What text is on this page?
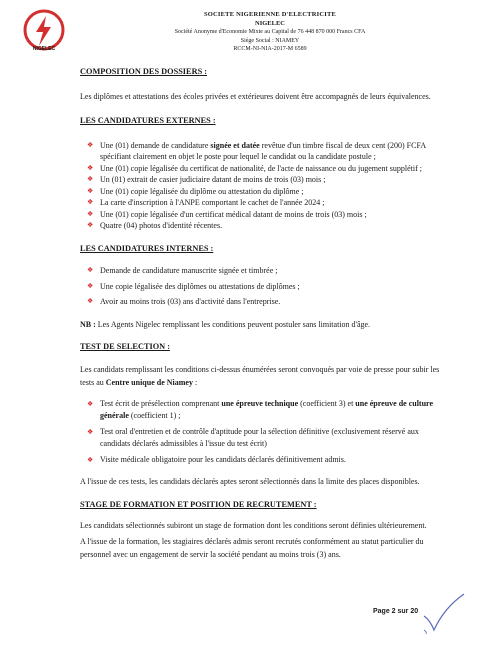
NIGELEC
SOCIETE NIGERIENNE D'ELECTRICITE
NIGELEC
Société Anonyme d'Economie Mixte au Capital de 76 448 870 000 Francs CFA
Siège Social : NIAMEY
RCCM-NI-NIA-2017-M 6589

COMPOSITION DES DOSSIERS :

Les diplômes et attestations des écoles privées et extérieures doivent être accompagnés de leurs équivalences.

LES CANDIDATURES EXTERNES :

❖ Une (01) demande de candidature signée et datée revêtue d'un timbre fiscal de deux cent (200) FCFA spécifiant clairement en objet le poste pour lequel le candidat ou la candidate postule ;
❖ Une (01) copie légalisée du certificat de nationalité, de l'acte de naissance ou du jugement supplétif ;
❖ Un (01) extrait de casier judiciaire datant de moins de trois (03) mois ;
❖ Une (01) copie légalisée du diplôme ou attestation du diplôme ;
❖ La carte d'inscription à l'ANPE comportant le cachet de l'année 2024 ;
❖ Une (01) copie légalisée d'un certificat médical datant de moins de trois (03) mois ;
❖ Quatre (04) photos d'identité récentes.

LES CANDIDATURES INTERNES :

❖ Demande de candidature manuscrite signée et timbrée ;
❖ Une copie légalisée des diplômes ou attestations de diplômes ;
❖ Avoir au moins trois (03) ans d'activité dans l'entreprise.

NB : Les Agents Nigelec remplissant les conditions peuvent postuler sans limitation d'âge.

TEST DE SELECTION :

Les candidats remplissant les conditions ci-dessus énumérées seront convoqués par voie de presse pour subir les tests au Centre unique de Niamey :

❖ Test écrit de présélection comprenant une épreuve technique (coefficient 3) et une épreuve de culture générale (coefficient 1) ;
❖ Test oral d'entretien et de contrôle d'aptitude pour la sélection définitive (exclusivement réservé aux candidats déclarés admissibles à l'issue du test écrit)
❖ Visite médicale obligatoire pour les candidats déclarés définitivement admis.

A l'issue de ces tests, les candidats déclarés aptes seront sélectionnés dans la limite des places disponibles.

STAGE DE FORMATION ET POSITION DE RECRUTEMENT :

Les candidats sélectionnés subiront un stage de formation dont les conditions seront définies ultérieurement.

A l'issue de la formation, les stagiaires déclarés admis seront recrutés conformément au statut particulier du personnel avec un engagement de servir la société pendant au moins trois (3) ans.

Page 2 sur 20
